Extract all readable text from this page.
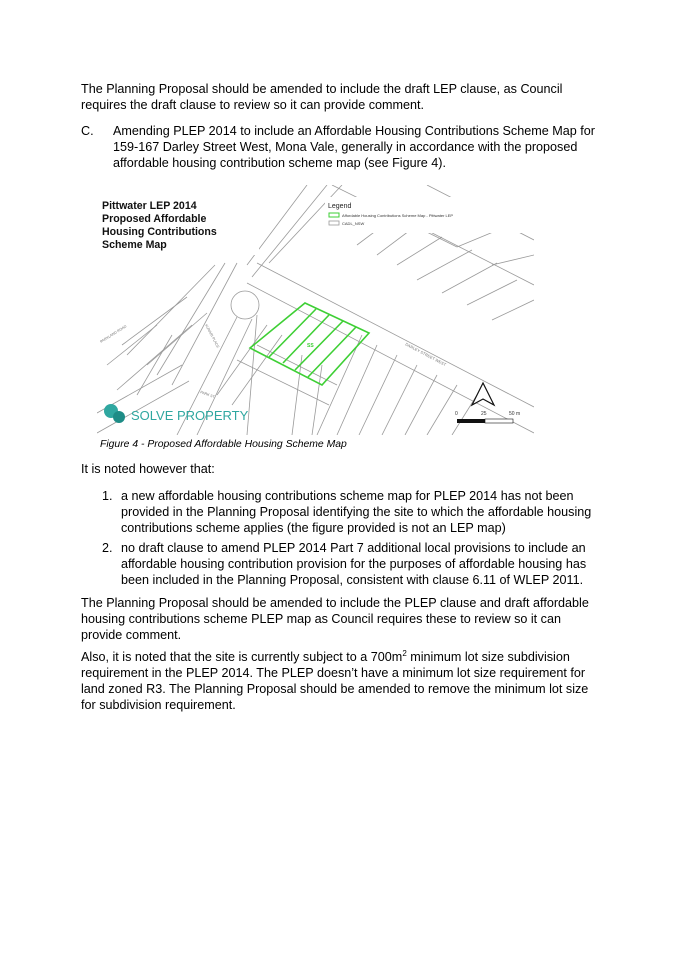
The Planning Proposal should be amended to include the draft LEP clause, as Council requires the draft clause to review so it can provide comment.

C. Amending PLEP 2014 to include an Affordable Housing Contributions Scheme Map for 159-167 Darley Street West, Mona Vale, generally in accordance with the proposed affordable housing contribution scheme map (see Figure 4).

SS	DARLEY STREET WEST
KUNARI PLACE
PARK ST
PARKLAND ROAD
Pittwater LEP 2014
Proposed Affordable
Housing Contributions
Scheme Map
Legend
Affordable Housing Contributions Scheme Map - Pittwater LEP
CADL_NSW
SOLVE PROPERTY	0	25	50 m

Figure 4 - Proposed Affordable Housing Scheme Map

It is noted however that:

1. a new affordable housing contributions scheme map for PLEP 2014 has not been provided in the Planning Proposal identifying the site to which the affordable housing contributions scheme applies (the figure provided is not an LEP map)

2. no draft clause to amend PLEP 2014 Part 7 additional local provisions to include an affordable housing contribution provision for the purposes of affordable housing has been included in the Planning Proposal, consistent with clause 6.11 of WLEP 2011.

The Planning Proposal should be amended to include the PLEP clause and draft affordable housing contributions scheme PLEP map as Council requires these to review so it can provide comment.

Also, it is noted that the site is currently subject to a $700m^2$ minimum lot size subdivision requirement in the PLEP 2014. The PLEP doesn’t have a minimum lot size requirement for land zoned R3. The Planning Proposal should be amended to remove the minimum lot size for subdivision requirement.
